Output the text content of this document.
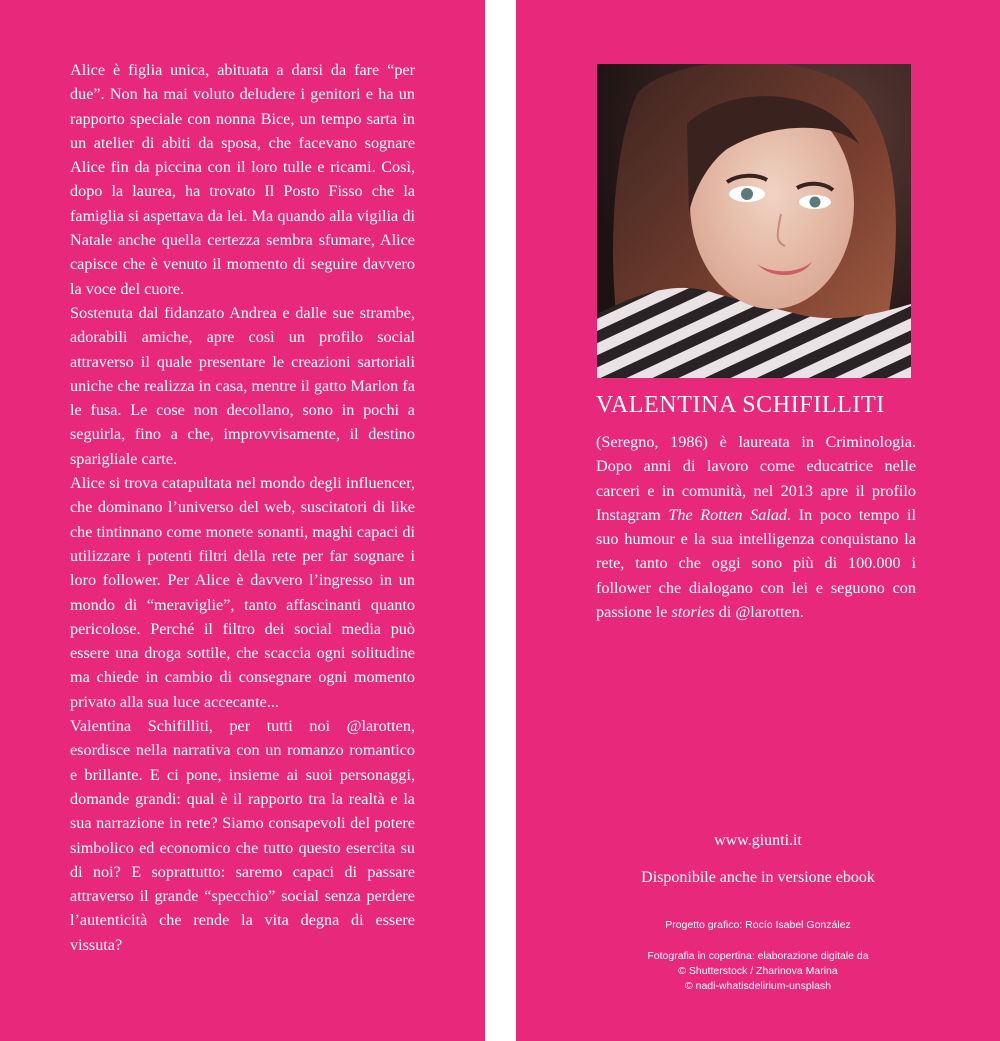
Alice è figlia unica, abituata a darsi da fare “per due”. Non ha mai voluto deludere i genitori e ha un rapporto speciale con nonna Bice, un tempo sarta in un atelier di abiti da sposa, che facevano sognare Alice fin da piccina con il loro tulle e ricami. Così, dopo la laurea, ha trovato Il Posto Fisso che la famiglia si aspettava da lei. Ma quando alla vigilia di Natale anche quella certezza sembra sfumare, Alice capisce che è venuto il momento di seguire davvero la voce del cuore.

Sostenuta dal fidanzato Andrea e dalle sue strambe, adorabili amiche, apre così un profilo social attraverso il quale presentare le creazioni sartoriali uniche che realizza in casa, mentre il gatto Marlon fa le fusa. Le cose non decollano, sono in pochi a seguirla, fino a che, improvvisamente, il destino sparigliale carte.

Alice si trova catapultata nel mondo degli influencer, che dominano l’universo del web, suscitatori di like che tintinnano come monete sonanti, maghi capaci di utilizzare i potenti filtri della rete per far sognare i loro follower. Per Alice è davvero l’ingresso in un mondo di “meraviglie”, tanto affascinanti quanto pericolose. Perché il filtro dei social media può essere una droga sottile, che scaccia ogni solitudine ma chiede in cambio di consegnare ogni momento privato alla sua luce accecante...

Valentina Schifilliti, per tutti noi @larotten, esordisce nella narrativa con un romanzo romantico e brillante. E ci pone, insieme ai suoi personaggi, domande grandi: qual è il rapporto tra la realtà e la sua narrazione in rete? Siamo consapevoli del potere simbolico ed economico che tutto questo esercita su di noi? E soprattutto: saremo capaci di passare attraverso il grande “specchio” social senza perdere l’autenticità che rende la vita degna di essere vissuta?

VALENTINA SCHIFILLITI

(Seregno, 1986) è laureata in Criminologia. Dopo anni di lavoro come educatrice nelle carceri e in comunità, nel 2013 apre il profilo Instagram The Rotten Salad. In poco tempo il suo humour e la sua intelligenza conquistano la rete, tanto che oggi sono più di 100.000 i follower che dialogano con lei e seguono con passione le stories di @larotten.

www.giunti.it
Disponibile anche in versione ebook
Progetto grafico: Rocío Isabel González
Fotografia in copertina: elaborazione digitale da
© Shutterstock / Zharinova Marina
© nadi-whatisdelirium-unsplash
